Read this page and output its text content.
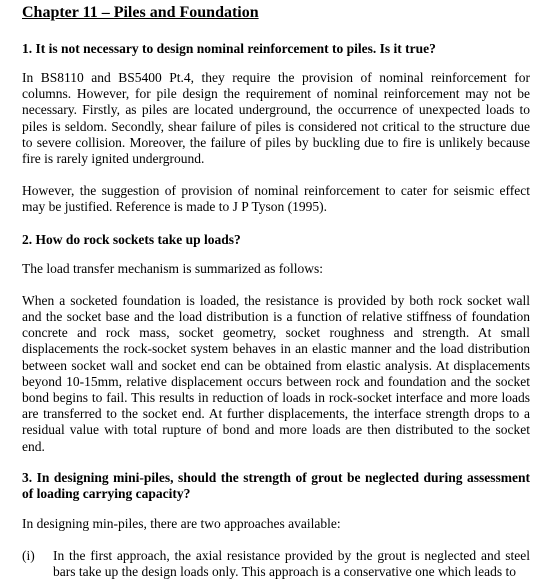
Chapter 11 – Piles and Foundation
1. It is not necessary to design nominal reinforcement to piles. Is it true?
In BS8110 and BS5400 Pt.4, they require the provision of nominal reinforcement for columns. However, for pile design the requirement of nominal reinforcement may not be necessary. Firstly, as piles are located underground, the occurrence of unexpected loads to piles is seldom. Secondly, shear failure of piles is considered not critical to the structure due to severe collision. Moreover, the failure of piles by buckling due to fire is unlikely because fire is rarely ignited underground.
However, the suggestion of provision of nominal reinforcement to cater for seismic effect may be justified. Reference is made to J P Tyson (1995).
2. How do rock sockets take up loads?
The load transfer mechanism is summarized as follows:
When a socketed foundation is loaded, the resistance is provided by both rock socket wall and the socket base and the load distribution is a function of relative stiffness of foundation concrete and rock mass, socket geometry, socket roughness and strength. At small displacements the rock-socket system behaves in an elastic manner and the load distribution between socket wall and socket end can be obtained from elastic analysis. At displacements beyond 10-15mm, relative displacement occurs between rock and foundation and the socket bond begins to fail. This results in reduction of loads in rock-socket interface and more loads are transferred to the socket end. At further displacements, the interface strength drops to a residual value with total rupture of bond and more loads are then distributed to the socket end.
3. In designing mini-piles, should the strength of grout be neglected during assessment of loading carrying capacity?
In designing min-piles, there are two approaches available:
(i)	In the first approach, the axial resistance provided by the grout is neglected and steel bars take up the design loads only. This approach is a conservative one which leads to
